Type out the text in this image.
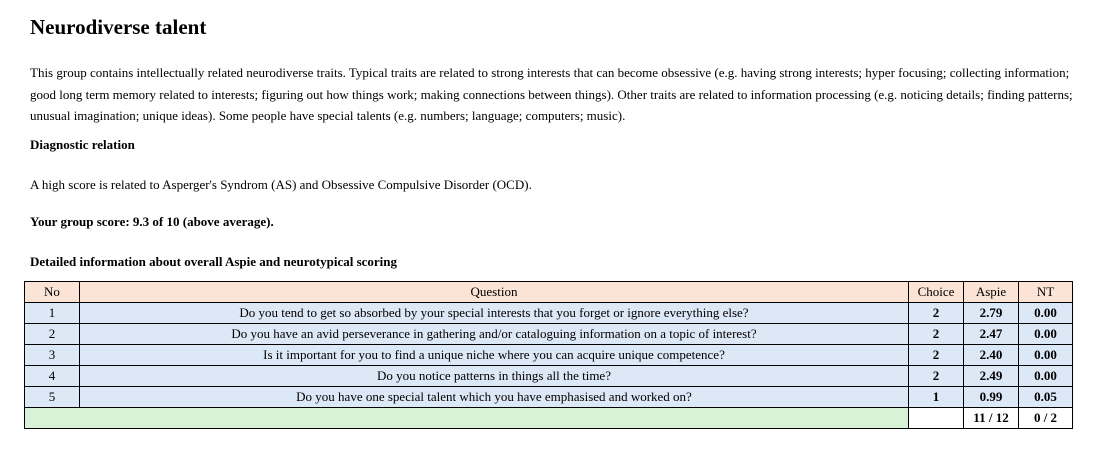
Neurodiverse talent

This group contains intellectually related neurodiverse traits. Typical traits are related to strong interests that can become obsessive (e.g. having strong interests; hyper focusing; collecting information; good long term memory related to interests; figuring out how things work; making connections between things). Other traits are related to information processing (e.g. noticing details; finding patterns; unusual imagination; unique ideas). Some people have special talents (e.g. numbers; language; computers; music).

Diagnostic relation

A high score is related to Asperger's Syndrom (AS) and Obsessive Compulsive Disorder (OCD).

Your group score: 9.3 of 10 (above average).

Detailed information about overall Aspie and neurotypical scoring

No	Question	Choice	Aspie	NT
1	Do you tend to get so absorbed by your special interests that you forget or ignore everything else?	2	2.79	0.00
2	Do you have an avid perseverance in gathering and/or cataloguing information on a topic of interest?	2	2.47	0.00
3	Is it important for you to find a unique niche where you can acquire unique competence?	2	2.40	0.00
4	Do you notice patterns in things all the time?	2	2.49	0.00
5	Do you have one special talent which you have emphasised and worked on?	1	0.99	0.05
			11 / 12	0 / 2
